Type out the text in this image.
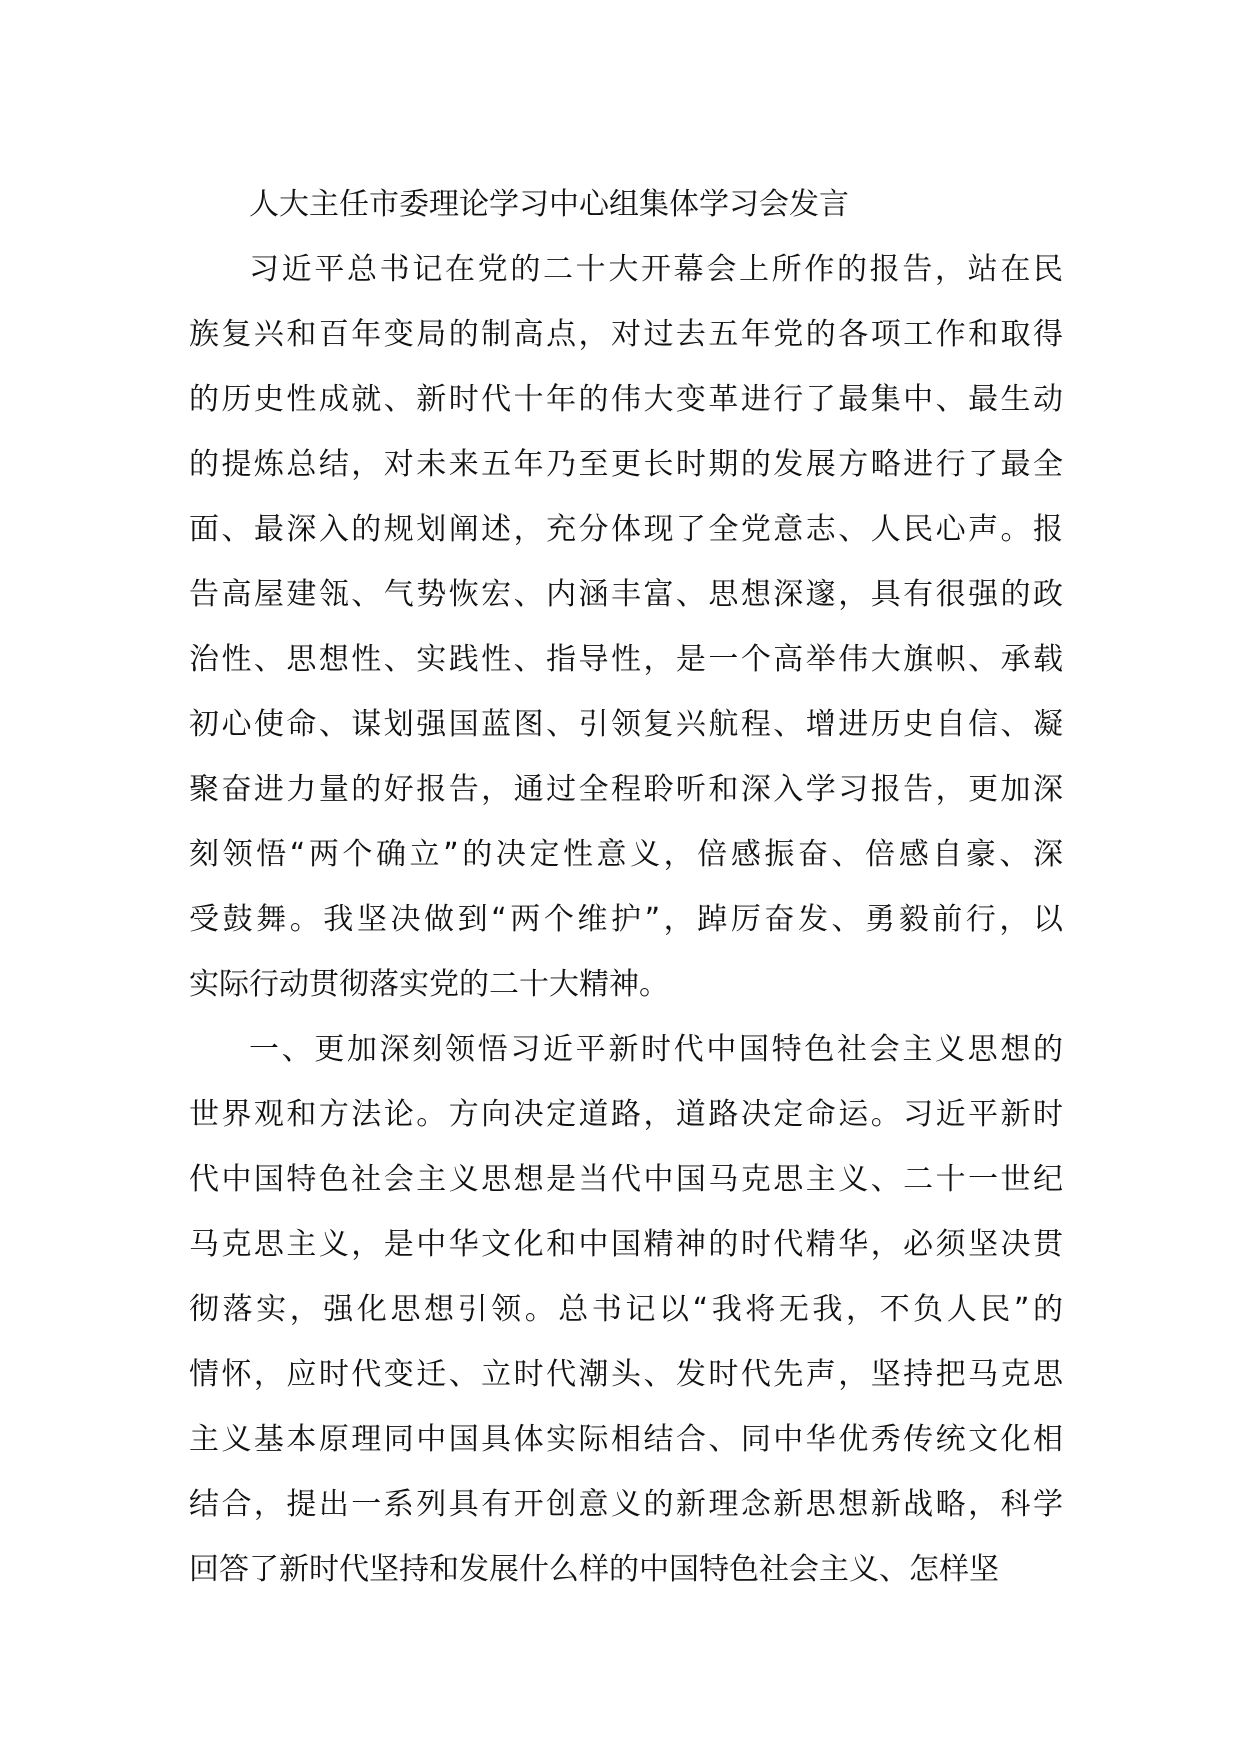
人大主任市委理论学习中心组集体学习会发言

习近平总书记在党的二十大开幕会上所作的报告，站在民
族复兴和百年变局的制高点，对过去五年党的各项工作和取得
的历史性成就、新时代十年的伟大变革进行了最集中、最生动
的提炼总结，对未来五年乃至更长时期的发展方略进行了最全
面、最深入的规划阐述，充分体现了全党意志、人民心声。报
告高屋建瓴、气势恢宏、内涵丰富、思想深邃，具有很强的政
治性、思想性、实践性、指导性，是一个高举伟大旗帜、承载
初心使命、谋划强国蓝图、引领复兴航程、增进历史自信、凝
聚奋进力量的好报告，通过全程聆听和深入学习报告，更加深
刻领悟“两个确立”的决定性意义，倍感振奋、倍感自豪、深
受鼓舞。我坚决做到“两个维护”，踔厉奋发、勇毅前行，以
实际行动贯彻落实党的二十大精神。

一、更加深刻领悟习近平新时代中国特色社会主义思想的
世界观和方法论。方向决定道路，道路决定命运。习近平新时
代中国特色社会主义思想是当代中国马克思主义、二十一世纪
马克思主义，是中华文化和中国精神的时代精华，必须坚决贯
彻落实，强化思想引领。总书记以“我将无我，不负人民”的
情怀，应时代变迁、立时代潮头、发时代先声，坚持把马克思
主义基本原理同中国具体实际相结合、同中华优秀传统文化相
结合，提出一系列具有开创意义的新理念新思想新战略，科学
回答了新时代坚持和发展什么样的中国特色社会主义、怎样坚
